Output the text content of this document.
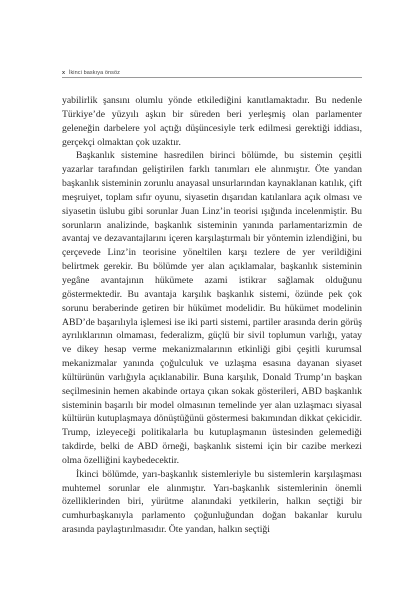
x İkinci baskıya önsöz

yabilirlik şansını olumlu yönde etkilediğini kanıtlamaktadır. Bu nedenle Türkiye’de yüzyılı aşkın bir süreden beri yerleşmiş olan parlamenter geleneğin darbelere yol açtığı düşüncesiyle terk edilmesi gerektiği iddiası, gerçekçi olmaktan çok uzaktır.

Başkanlık sistemine hasredilen birinci bölümde, bu sistemin çeşitli yazarlar tarafından geliştirilen farklı tanımları ele alınmıştır. Öte yandan başkanlık sisteminin zorunlu anayasal unsurlarından kaynaklanan katılık, çift meşruiyet, toplam sıfır oyunu, siyasetin dışarıdan katılanlara açık olması ve siyasetin üslubu gibi sorunlar Juan Linz’in teorisi ışığında incelenmiştir. Bu sorunların analizinde, başkanlık sisteminin yanında parlamentarizmin de avantaj ve dezavantajlarını içeren karşılaştırmalı bir yöntemin izlendiğini, bu çerçevede Linz’in teorisine yöneltilen karşı tezlere de yer verildiğini belirtmek gerekir. Bu bölümde yer alan açıklamalar, başkanlık sisteminin yegâne avantajının hükümete azami istikrar sağlamak olduğunu göstermektedir. Bu avantaja karşılık başkanlık sistemi, özünde pek çok sorunu beraberinde getiren bir hükümet modelidir. Bu hükümet modelinin ABD’de başarılıyla işlemesi ise iki parti sistemi, partiler arasında derin görüş ayrılıklarının olmaması, federalizm, güçlü bir sivil toplumun varlığı, yatay ve dikey hesap verme mekanizmalarının etkinliği gibi çeşitli kurumsal mekanizmalar yanında çoğulculuk ve uzlaşma esasına dayanan siyaset kültürünün varlığıyla açıklanabilir. Buna karşılık, Donald Trump’ın başkan seçilmesinin hemen akabinde ortaya çıkan sokak gösterileri, ABD başkanlık sisteminin başarılı bir model olmasının temelinde yer alan uzlaşmacı siyasal kültürün kutuplaşmaya dönüştüğünü göstermesi bakımından dikkat çekicidir. Trump, izleyeceği politikalarla bu kutuplaşmanın üstesinden gelemediği takdirde, belki de ABD örneği, başkanlık sistemi için bir cazibe merkezi olma özelliğini kaybedecektir.

İkinci bölümde, yarı-başkanlık sistemleriyle bu sistemlerin karşılaşması muhtemel sorunlar ele alınmıştır. Yarı-başkanlık sistemlerinin önemli özelliklerinden biri, yürütme alanındaki yetkilerin, halkın seçtiği bir cumhurbaşkanıyla parlamento çoğunluğundan doğan bakanlar kurulu arasında paylaştırılmasıdır. Öte yandan, halkın seçtiği
